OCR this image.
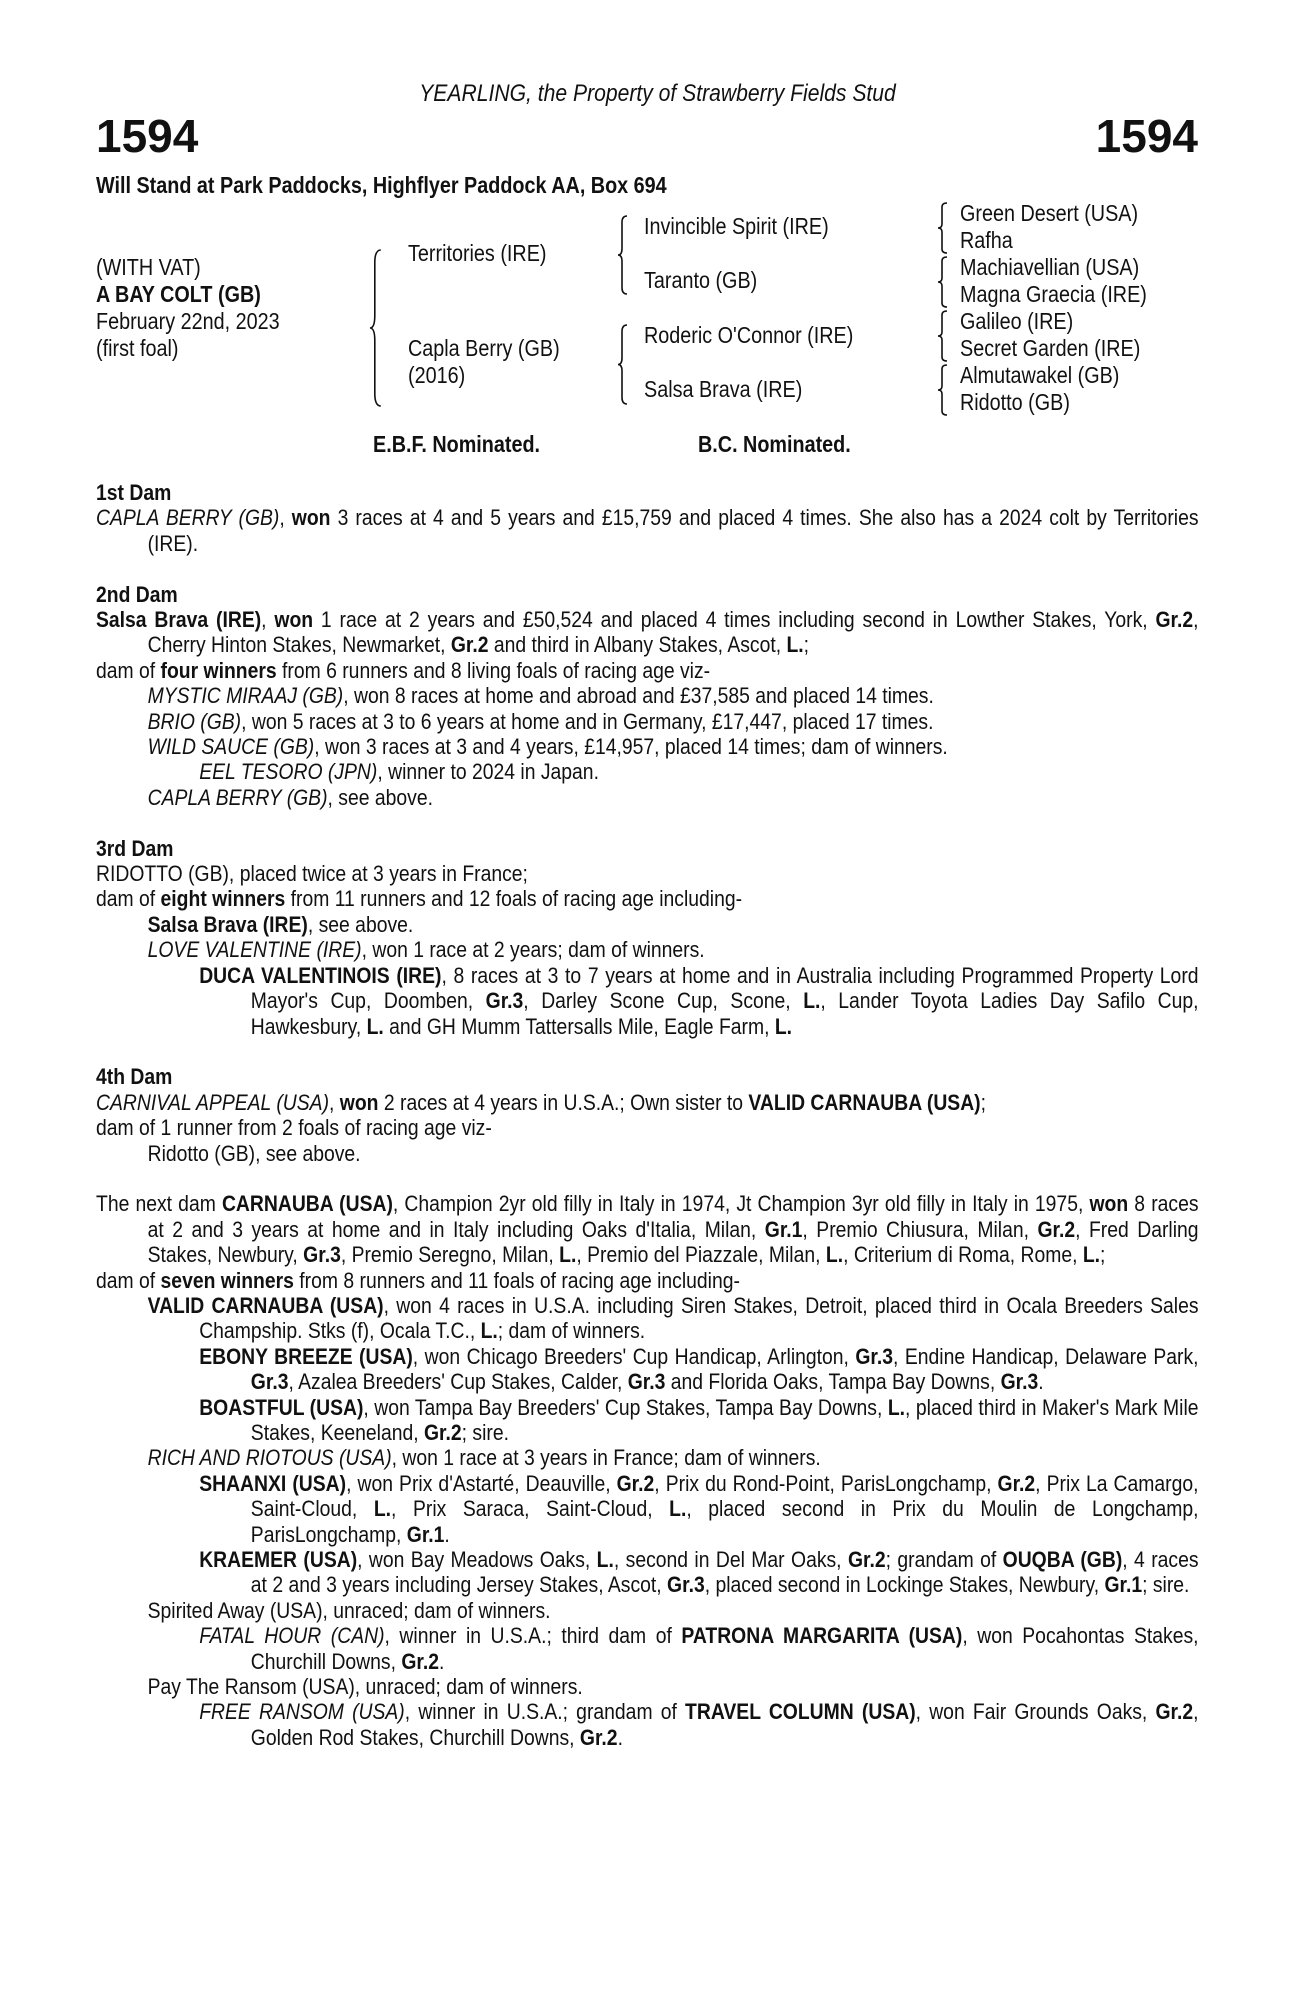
YEARLING, the Property of Strawberry Fields Stud
1594	1594
Will Stand at Park Paddocks, Highflyer Paddock AA, Box 694
(WITH VAT)
A BAY COLT (GB)
February 22nd, 2023
(first foal)
Territories (IRE)
Capla Berry (GB)
(2016)
Invincible Spirit (IRE)
Taranto (GB)
Roderic O'Connor (IRE)
Salsa Brava (IRE)
Green Desert (USA)
Rafha
Machiavellian (USA)
Magna Graecia (IRE)
Galileo (IRE)
Secret Garden (IRE)
Almutawakel (GB)
Ridotto (GB)
E.B.F. Nominated.	B.C. Nominated.
1st Dam
CAPLA BERRY (GB), won 3 races at 4 and 5 years and £15,759 and placed 4 times. She also has a 2024 colt by Territories (IRE).
2nd Dam
Salsa Brava (IRE), won 1 race at 2 years and £50,524 and placed 4 times including second in Lowther Stakes, York, Gr.2, Cherry Hinton Stakes, Newmarket, Gr.2 and third in Albany Stakes, Ascot, L.;
dam of four winners from 6 runners and 8 living foals of racing age viz-
MYSTIC MIRAAJ (GB), won 8 races at home and abroad and £37,585 and placed 14 times.
BRIO (GB), won 5 races at 3 to 6 years at home and in Germany, £17,447, placed 17 times.
WILD SAUCE (GB), won 3 races at 3 and 4 years, £14,957, placed 14 times; dam of winners.
EEL TESORO (JPN), winner to 2024 in Japan.
CAPLA BERRY (GB), see above.
3rd Dam
RIDOTTO (GB), placed twice at 3 years in France;
dam of eight winners from 11 runners and 12 foals of racing age including-
Salsa Brava (IRE), see above.
LOVE VALENTINE (IRE), won 1 race at 2 years; dam of winners.
DUCA VALENTINOIS (IRE), 8 races at 3 to 7 years at home and in Australia including Programmed Property Lord Mayor's Cup, Doomben, Gr.3, Darley Scone Cup, Scone, L., Lander Toyota Ladies Day Safilo Cup, Hawkesbury, L. and GH Mumm Tattersalls Mile, Eagle Farm, L.
4th Dam
CARNIVAL APPEAL (USA), won 2 races at 4 years in U.S.A.; Own sister to VALID CARNAUBA (USA);
dam of 1 runner from 2 foals of racing age viz-
Ridotto (GB), see above.
The next dam CARNAUBA (USA), Champion 2yr old filly in Italy in 1974, Jt Champion 3yr old filly in Italy in 1975, won 8 races at 2 and 3 years at home and in Italy including Oaks d'Italia, Milan, Gr.1, Premio Chiusura, Milan, Gr.2, Fred Darling Stakes, Newbury, Gr.3, Premio Seregno, Milan, L., Premio del Piazzale, Milan, L., Criterium di Roma, Rome, L.;
dam of seven winners from 8 runners and 11 foals of racing age including-
VALID CARNAUBA (USA), won 4 races in U.S.A. including Siren Stakes, Detroit, placed third in Ocala Breeders Sales Champship. Stks (f), Ocala T.C., L.; dam of winners.
EBONY BREEZE (USA), won Chicago Breeders' Cup Handicap, Arlington, Gr.3, Endine Handicap, Delaware Park, Gr.3, Azalea Breeders' Cup Stakes, Calder, Gr.3 and Florida Oaks, Tampa Bay Downs, Gr.3.
BOASTFUL (USA), won Tampa Bay Breeders' Cup Stakes, Tampa Bay Downs, L., placed third in Maker's Mark Mile Stakes, Keeneland, Gr.2; sire.
RICH AND RIOTOUS (USA), won 1 race at 3 years in France; dam of winners.
SHAANXI (USA), won Prix d'Astarté, Deauville, Gr.2, Prix du Rond-Point, ParisLongchamp, Gr.2, Prix La Camargo, Saint-Cloud, L., Prix Saraca, Saint-Cloud, L., placed second in Prix du Moulin de Longchamp, ParisLongchamp, Gr.1.
KRAEMER (USA), won Bay Meadows Oaks, L., second in Del Mar Oaks, Gr.2; grandam of OUQBA (GB), 4 races at 2 and 3 years including Jersey Stakes, Ascot, Gr.3, placed second in Lockinge Stakes, Newbury, Gr.1; sire.
Spirited Away (USA), unraced; dam of winners.
FATAL HOUR (CAN), winner in U.S.A.; third dam of PATRONA MARGARITA (USA), won Pocahontas Stakes, Churchill Downs, Gr.2.
Pay The Ransom (USA), unraced; dam of winners.
FREE RANSOM (USA), winner in U.S.A.; grandam of TRAVEL COLUMN (USA), won Fair Grounds Oaks, Gr.2, Golden Rod Stakes, Churchill Downs, Gr.2.
